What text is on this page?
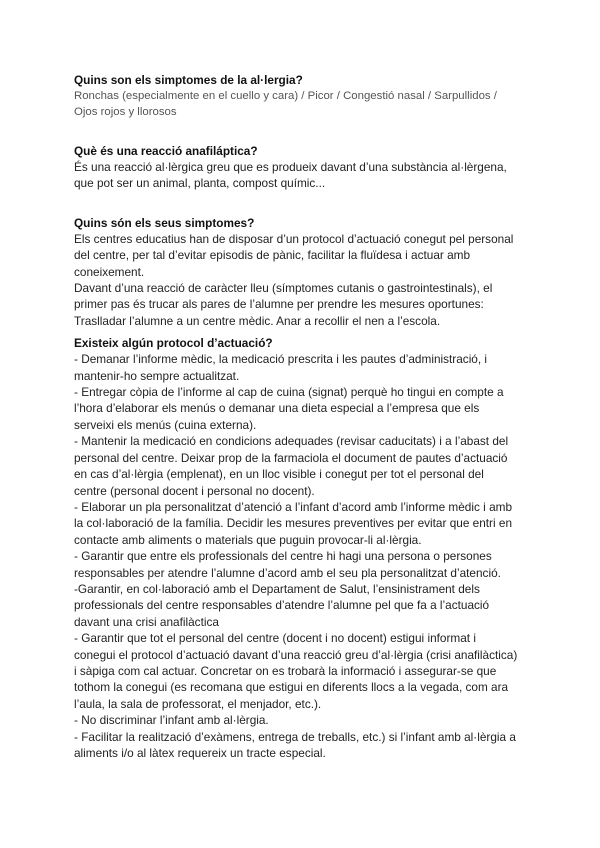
Quins son els simptomes de la al·lergia?

Ronchas (especialmente en el cuello y cara) / Picor / Congestió nasal / Sarpullidos /
Ojos rojos y llorosos

Què és una reacció anafiláptica?

És una reacció al·lèrgica greu que es produeix davant d’una substància al·lèrgena,
que pot ser un animal, planta, compost químic...

Quins són els seus simptomes?

Els centres educatius han de disposar d’un protocol d’actuació conegut pel personal
del centre, per tal d’evitar episodis de pànic, facilitar la fluïdesa i actuar amb
coneixement.
Davant d’una reacció de caràcter lleu (símptomes cutanis o gastrointestinals), el
primer pas és trucar als pares de l’alumne per prendre les mesures oportunes:
Traslladar l’alumne a un centre mèdic. Anar a recollir el nen a l’escola.

Existeix algún protocol d’actuació?

- Demanar l’informe mèdic, la medicació prescrita i les pautes d’administració, i
mantenir-ho sempre actualitzat.
- Entregar còpia de l’informe al cap de cuina (signat) perquè ho tingui en compte a
l’hora d’elaborar els menús o demanar una dieta especial a l’empresa que els
serveixi els menús (cuina externa).
- Mantenir la medicació en condicions adequades (revisar caducitats) i a l’abast del
personal del centre. Deixar prop de la farmaciola el document de pautes d’actuació
en cas d’al·lèrgia (emplenat), en un lloc visible i conegut per tot el personal del
centre (personal docent i personal no docent).
- Elaborar un pla personalitzat d’atenció a l’infant d’acord amb l’informe mèdic i amb
la col·laboració de la família. Decidir les mesures preventives per evitar que entri en
contacte amb aliments o materials que puguin provocar-li al·lèrgia.
- Garantir que entre els professionals del centre hi hagi una persona o persones
responsables per atendre l’alumne d’acord amb el seu pla personalitzat d’atenció.
-Garantir, en col·laboració amb el Departament de Salut, l’ensinistrament dels
professionals del centre responsables d’atendre l’alumne pel que fa a l’actuació
davant una crisi anafilàctica
- Garantir que tot el personal del centre (docent i no docent) estigui informat i
conegui el protocol d’actuació davant d’una reacció greu d’al·lèrgia (crisi anafilàctica)
i sàpiga com cal actuar. Concretar on es trobarà la informació i assegurar-se que
tothom la conegui (es recomana que estigui en diferents llocs a la vegada, com ara
l’aula, la sala de professorat, el menjador, etc.).
- No discriminar l’infant amb al·lèrgia.
- Facilitar la realització d’exàmens, entrega de treballs, etc.) si l’infant amb al·lèrgia a
aliments i/o al làtex requereix un tracte especial.
